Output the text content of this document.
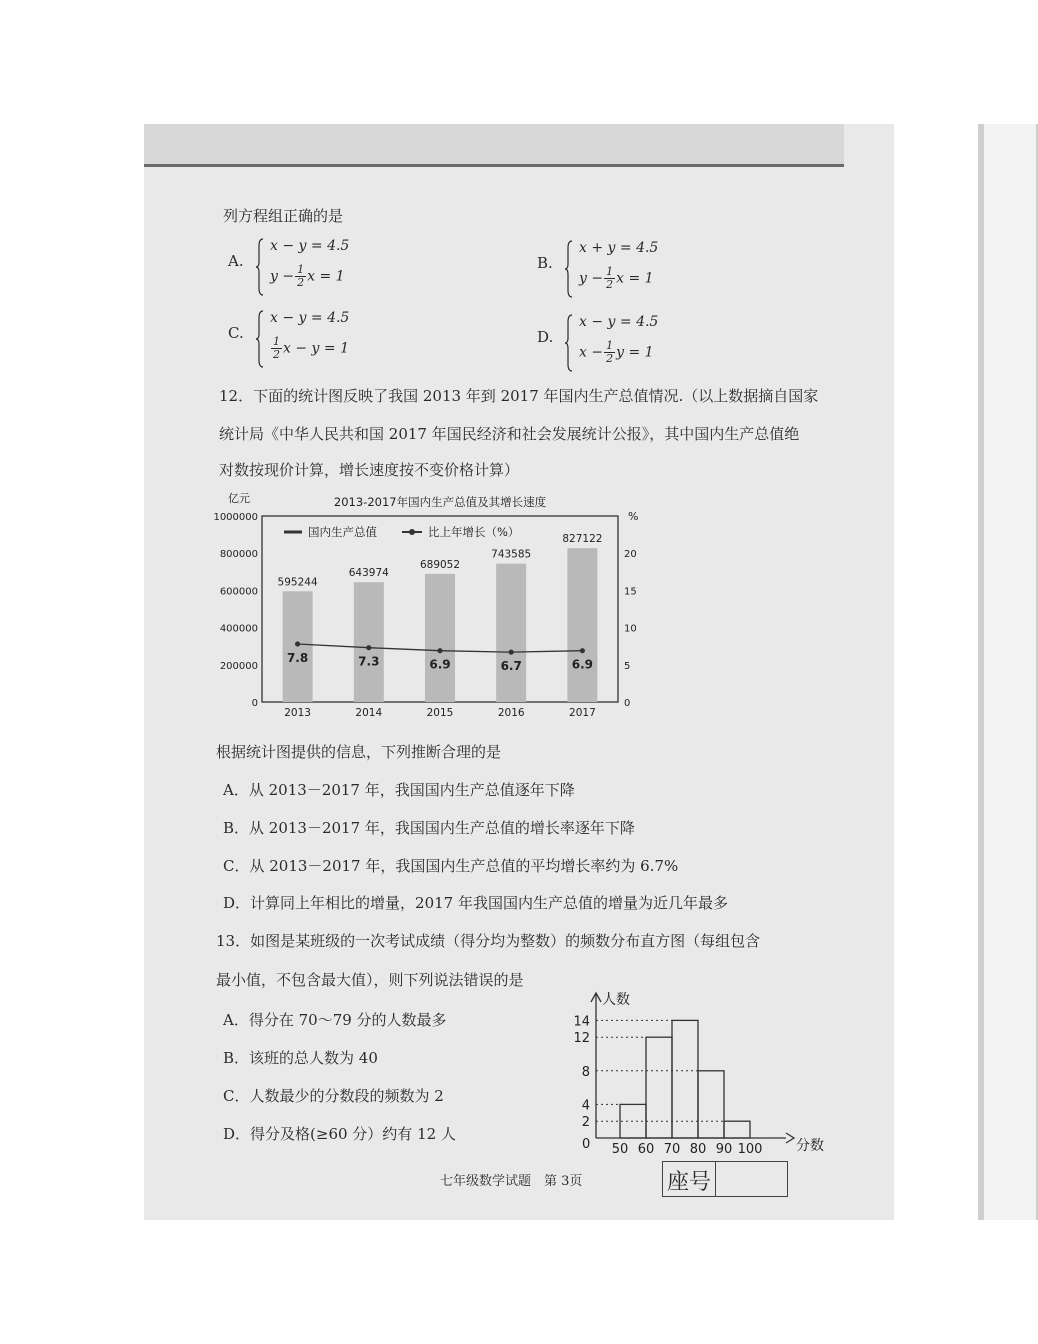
列方程组正确的是
A.
x − y = 4.5
$y - \frac{1}{2}$ x = 1
B.
x + y = 4.5
$y - \frac{1}{2}$ x = 1
C.
x − y = 4.5
$\frac{1}{2}$ x − y = 1
D.
x − y = 4.5
$x - \frac{1}{2}$ y = 1
12．下面的统计图反映了我国 2013 年到 2017 年国内生产总值情况.（以上数据摘自国家
统计局《中华人民共和国 2017 年国民经济和社会发展统计公报》，其中国内生产总值绝
对数按现价计算，增长速度按不变价格计算）
2013-2017年国内生产总值及其增长速度
亿元
%
0
200000
400000
600000
800000
1000000
0
5
10
15
20
595244
2013
643974
2014
689052
2015
743585
2016
827122
2017
7.8	7.3	6.9	6.7	6.9
国内生产总值	比上年增长（%）
根据统计图提供的信息，下列推断合理的是
A．从 2013－2017 年，我国国内生产总值逐年下降
B．从 2013－2017 年，我国国内生产总值的增长率逐年下降
C．从 2013－2017 年，我国国内生产总值的平均增长率约为 6.7%
D．计算同上年相比的增量，2017 年我国国内生产总值的增量为近几年最多
13．如图是某班级的一次考试成绩（得分均为整数）的频数分布直方图（每组包含
最小值，不包含最大值），则下列说法错误的是
A．得分在 70～79 分的人数最多
B．该班的总人数为 40
C．人数最少的分数段的频数为 2
D．得分及格(≥60 分）约有 12 人
人数
分数
0
2
4
8
12
14
50 60 70 80 90 100
七年级数学试题　第 3页	座号
